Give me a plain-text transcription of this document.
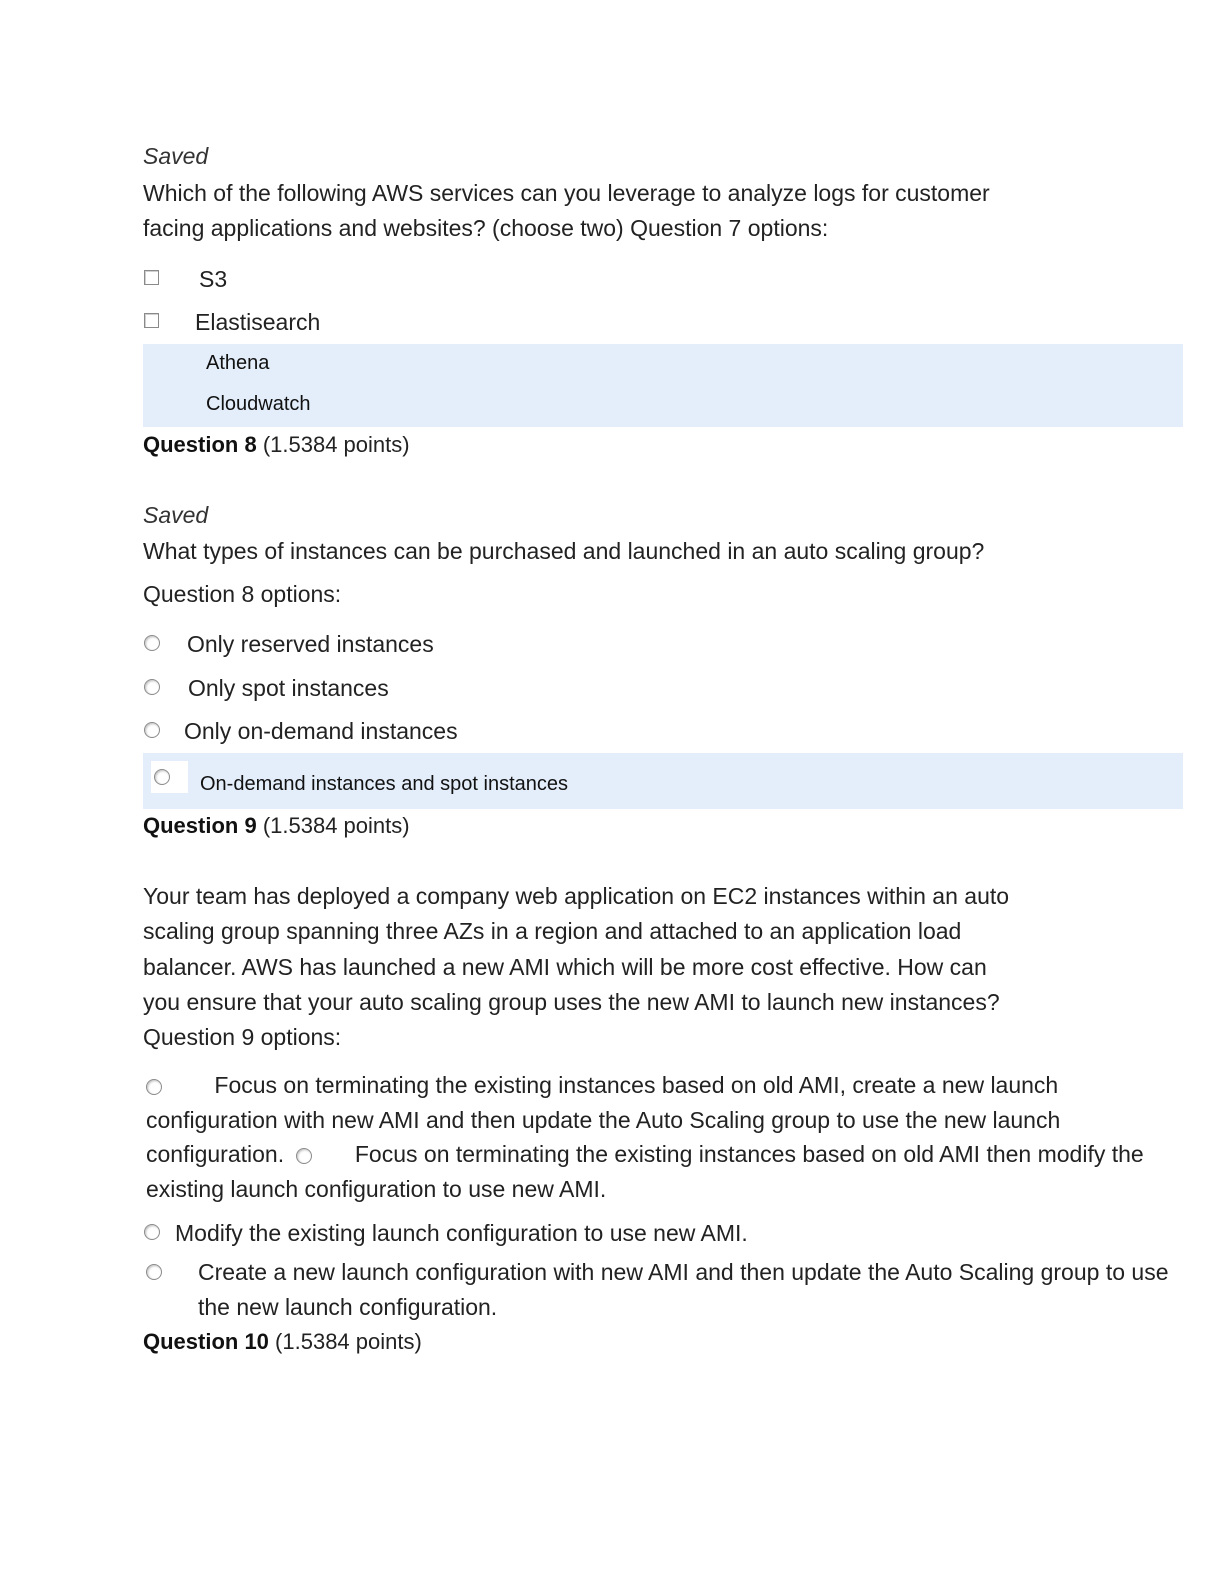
Saved
Which of the following AWS services can you leverage to analyze logs for customer
facing applications and websites? (choose two) Question 7 options:
S3
Elastisearch
Athena
Cloudwatch
Question 8 (1.5384 points)
Saved
What types of instances can be purchased and launched in an auto scaling group?
Question 8 options:
Only reserved instances
Only spot instances
Only on-demand instances
On-demand instances and spot instances
Question 9 (1.5384 points)
Your team has deployed a company web application on EC2 instances within an auto
scaling group spanning three AZs in a region and attached to an application load
balancer. AWS has launched a new AMI which will be more cost effective. How can
you ensure that your auto scaling group uses the new AMI to launch new instances?
Question 9 options:
Focus on terminating the existing instances based on old AMI, create a new launch configuration with new AMI and then update the Auto Scaling group to use the new launch configuration.	Focus on terminating the existing instances based on old AMI then modify the existing launch configuration to use new AMI.
Modify the existing launch configuration to use new AMI.
Create a new launch configuration with new AMI and then update the Auto Scaling group to use the new launch configuration.
Question 10 (1.5384 points)
